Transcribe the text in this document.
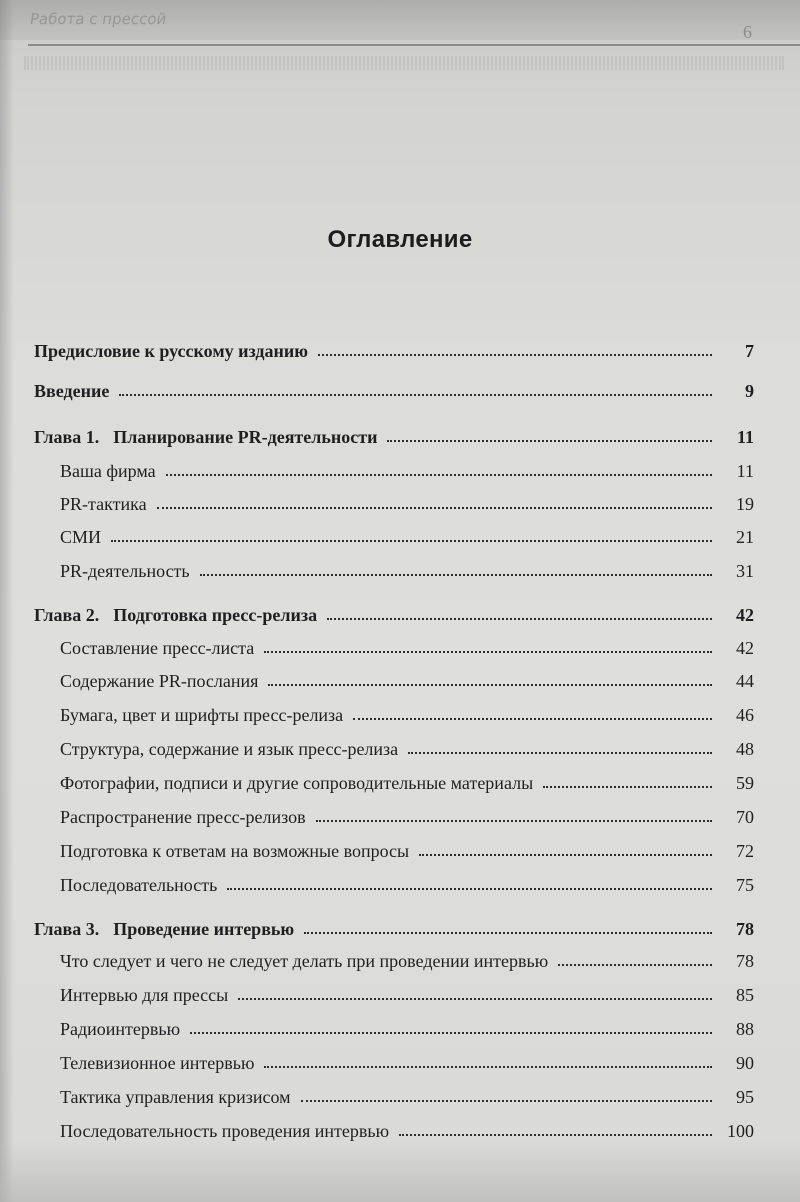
Работа с прессой
6
Оглавление
Предисловие к русскому изданию	7
Введение	9
Глава 1. Планирование PR-деятельности	11
Ваша фирма	11
PR-тактика	19
СМИ	21
PR-деятельность	31
Глава 2. Подготовка пресс-релиза	42
Составление пресс-листа	42
Содержание PR-послания	44
Бумага, цвет и шрифты пресс-релиза	46
Структура, содержание и язык пресс-релиза	48
Фотографии, подписи и другие сопроводительные материалы	59
Распространение пресс-релизов	70
Подготовка к ответам на возможные вопросы	72
Последовательность	75
Глава 3. Проведение интервью	78
Что следует и чего не следует делать при проведении интервью	78
Интервью для прессы	85
Радиоинтервью	88
Телевизионное интервью	90
Тактика управления кризисом	95
Последовательность проведения интервью	100
